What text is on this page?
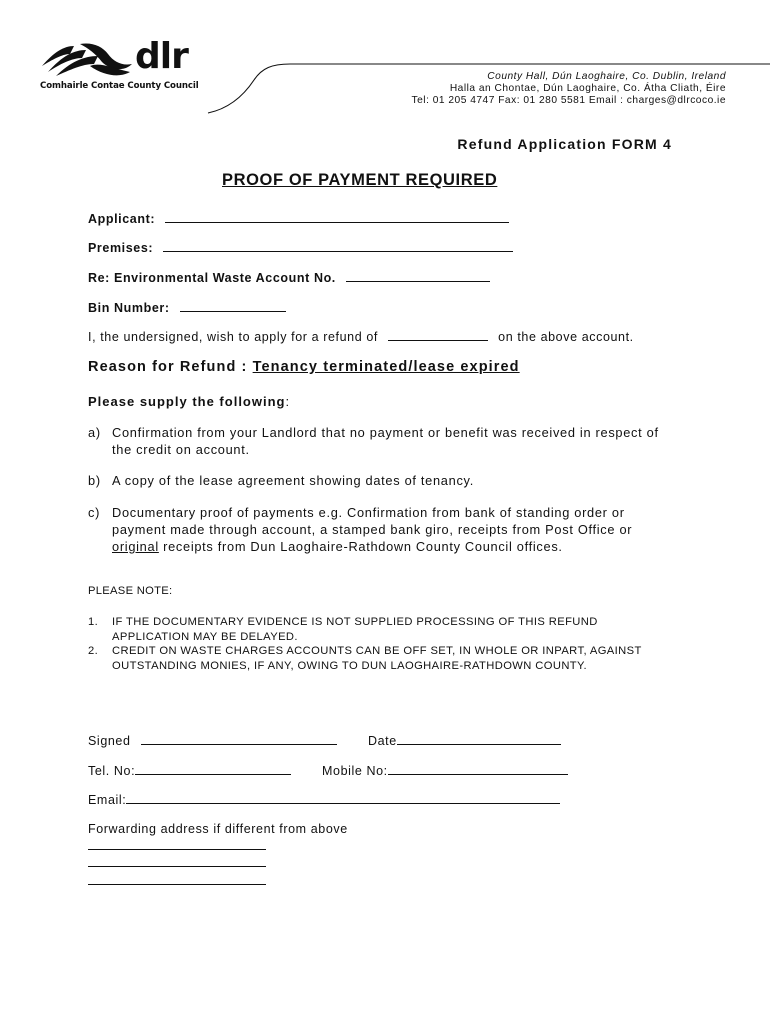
dlr
Comhairle Contae County Council
County Hall, Dún Laoghaire, Co. Dublin, Ireland
Halla an Chontae, Dún Laoghaire, Co. Átha Cliath, Éire
Tel: 01 205 4747 Fax: 01 280 5581 Email : charges@dlrcoco.ie
Refund Application FORM 4
PROOF OF PAYMENT REQUIRED
Applicant:
Premises:
Re: Environmental Waste Account No.
Bin Number:
I, the undersigned, wish to apply for a refund of	on the above account.
Reason for Refund : Tenancy terminated/lease expired
Please supply the following:
a) Confirmation from your Landlord that no payment or benefit was received in respect of the credit on account.
b) A copy of the lease agreement showing dates of tenancy.
c) Documentary proof of payments e.g. Confirmation from bank of standing order or payment made through account, a stamped bank giro, receipts from Post Office or original receipts from Dun Laoghaire-Rathdown County Council offices.
PLEASE NOTE:
1. IF THE DOCUMENTARY EVIDENCE IS NOT SUPPLIED PROCESSING OF THIS REFUND APPLICATION MAY BE DELAYED.
2. CREDIT ON WASTE CHARGES ACCOUNTS CAN BE OFF SET, IN WHOLE OR INPART, AGAINST OUTSTANDING MONIES, IF ANY, OWING TO DUN LAOGHAIRE-RATHDOWN COUNTY.
Signed	Date
Tel. No:	Mobile No:
Email:
Forwarding address if different from above
